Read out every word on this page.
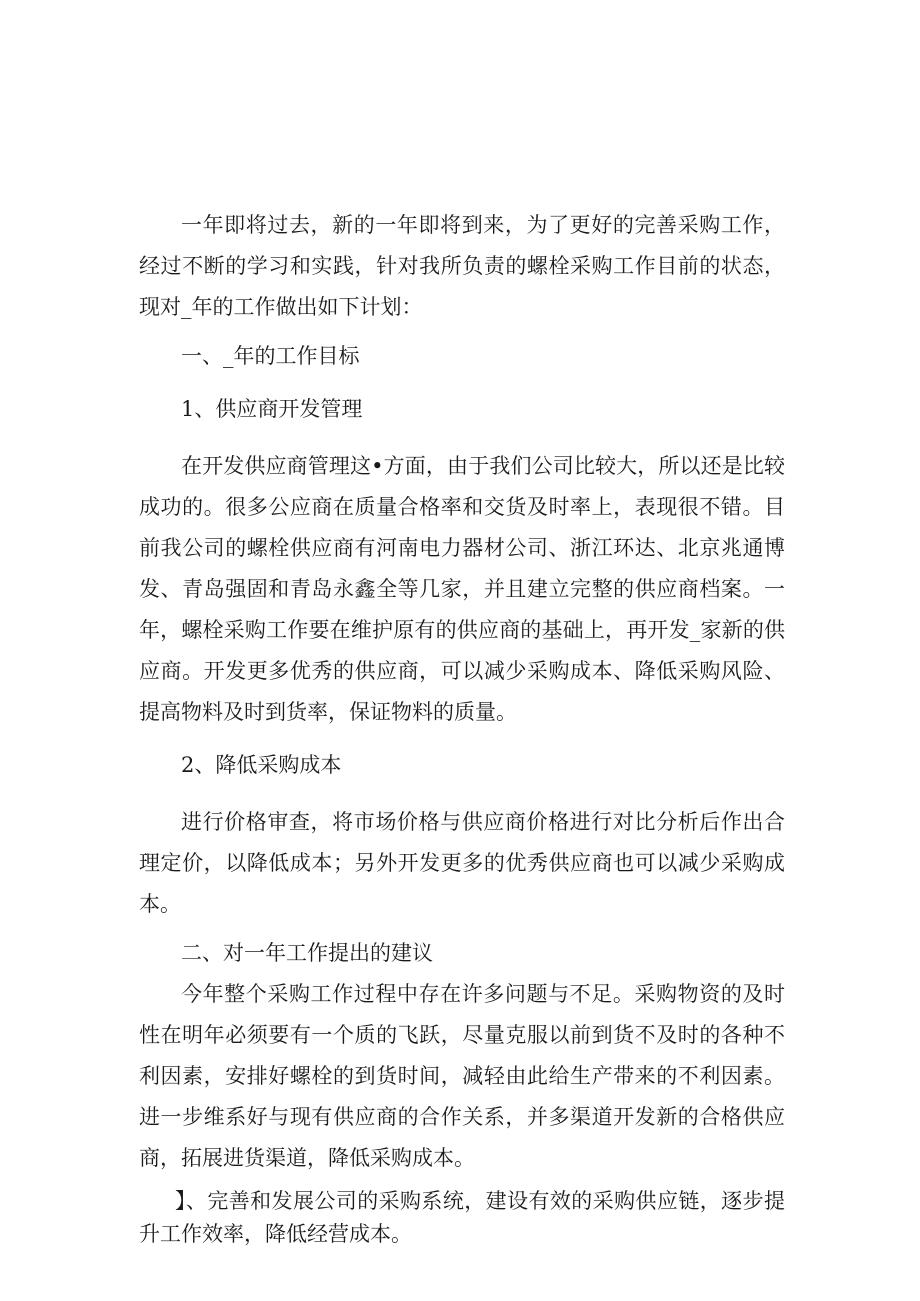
一年即将过去，新的一年即将到来，为了更好的完善采购工作，经过不断的学习和实践，针对我所负责的螺栓采购工作目前的状态，现对_年的工作做出如下计划：

一、_年的工作目标

1、供应商开发管理

在开发供应商管理这•方面，由于我们公司比较大，所以还是比较成功的。很多公应商在质量合格率和交货及时率上，表现很不错。目前我公司的螺栓供应商有河南电力器材公司、浙江环达、北京兆通博发、青岛强固和青岛永鑫全等几家，并且建立完整的供应商档案。一年，螺栓采购工作要在维护原有的供应商的基础上，再开发_家新的供应商。开发更多优秀的供应商，可以减少采购成本、降低采购风险、提高物料及时到货率，保证物料的质量。

2、降低采购成本

进行价格审查，将市场价格与供应商价格进行对比分析后作出合理定价，以降低成本；另外开发更多的优秀供应商也可以减少采购成本。

二、对一年工作提出的建议

今年整个采购工作过程中存在许多问题与不足。采购物资的及时性在明年必须要有一个质的飞跃，尽量克服以前到货不及时的各种不利因素，安排好螺栓的到货时间，减轻由此给生产带来的不利因素。进一步维系好与现有供应商的合作关系，并多渠道开发新的合格供应商，拓展进货渠道，降低采购成本。

】、完善和发展公司的采购系统，建设有效的采购供应链，逐步提升工作效率，降低经营成本。
